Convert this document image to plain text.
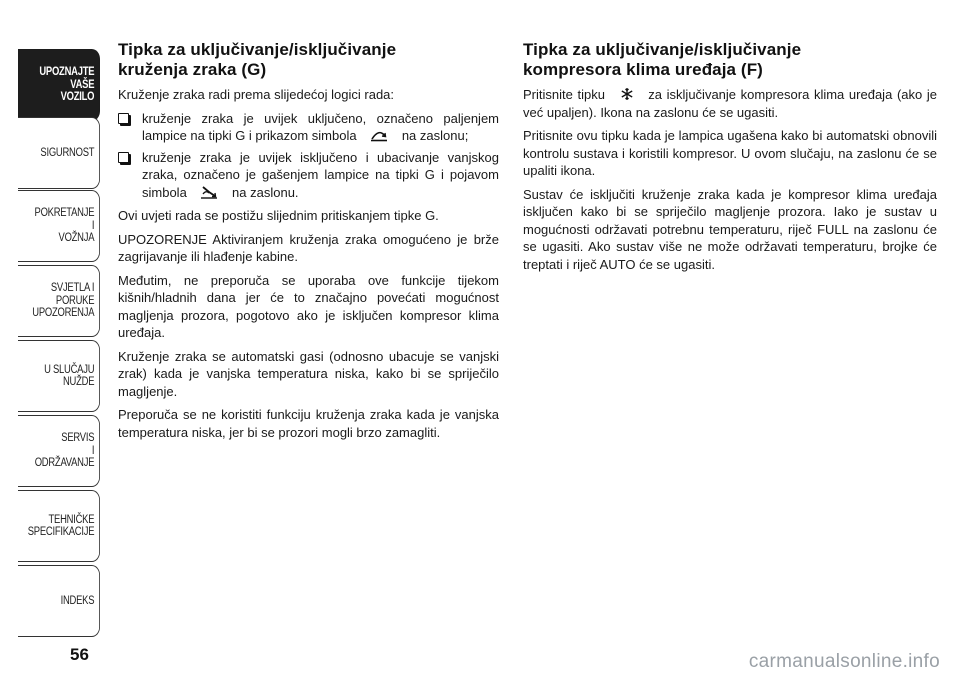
UPOZNAJTE
VAŠE
VOZILO
SIGURNOST
POKRETANJE
I
VOŽNJA
SVJETLA I
PORUKE
UPOZORENJA
U SLUČAJU
NUŽDE
SERVIS
I
ODRŽAVANJE
TEHNIČKE
SPECIFIKACIJE
INDEKS
56
Tipka za uključivanje/isključivanje
kruženja zraka (G)

Kruženje zraka radi prema slijedećoj logici rada:

kruženje zraka je uvijek uključeno, označeno paljenjem lampice na tipki G i prikazom simbola	na zaslonu;
kruženje zraka je uvijek isključeno i ubacivanje vanjskog zraka, označeno je gašenjem lampice na tipki G i pojavom simbola	na zaslonu.

Ovi uvjeti rada se postižu slijednim pritiskanjem tipke G.

UPOZORENJE Aktiviranjem kruženja zraka omogućeno je brže zagrijavanje ili hlađenje kabine.

Međutim, ne preporuča se uporaba ove funkcije tijekom kišnih/hladnih dana jer će to značajno povećati mogućnost magljenja prozora, pogotovo ako je isključen kompresor klima uređaja.

Kruženje zraka se automatski gasi (odnosno ubacuje se vanjski zrak) kada je vanjska temperatura niska, kako bi se spriječilo magljenje.

Preporuča se ne koristiti funkciju kruženja zraka kada je vanjska temperatura niska, jer bi se prozori mogli brzo zamagliti.

Tipka za uključivanje/isključivanje
kompresora klima uređaja (F)

Pritisnite tipku	za isključivanje kompresora klima uređaja (ako je već upaljen). Ikona na zaslonu će se ugasiti.

Pritisnite ovu tipku kada je lampica ugašena kako bi automatski obnovili kontrolu sustava i koristili kompresor. U ovom slučaju, na zaslonu će se upaliti ikona.

Sustav će isključiti kruženje zraka kada je kompresor klima uređaja isključen kako bi se spriječilo magljenje prozora. Iako je sustav u mogućnosti održavati potrebnu temperaturu, riječ FULL na zaslonu će se ugasiti. Ako sustav više ne može održavati temperaturu, brojke će treptati i riječ AUTO će se ugasiti.

carmanualsonline.info
